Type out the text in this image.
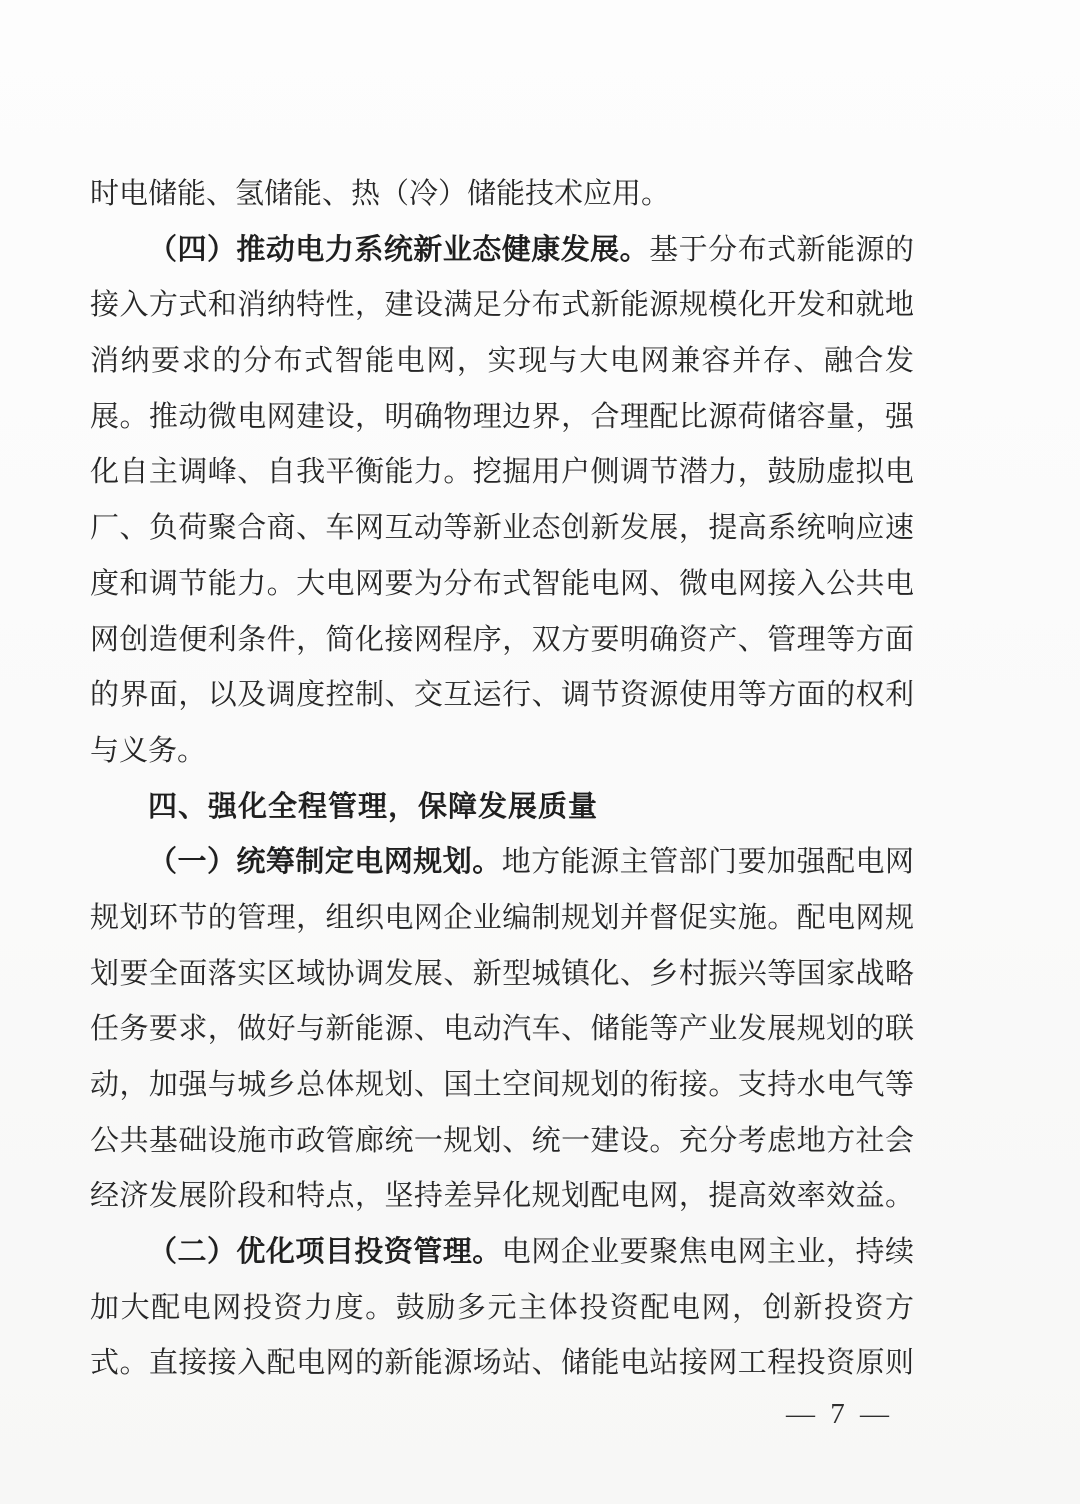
时电储能、氢储能、热（冷）储能技术应用。
（四）推动电力系统新业态健康发展。基于分布式新能源的
接入方式和消纳特性，建设满足分布式新能源规模化开发和就地
消纳要求的分布式智能电网，实现与大电网兼容并存、融合发
展。推动微电网建设，明确物理边界，合理配比源荷储容量，强
化自主调峰、自我平衡能力。挖掘用户侧调节潜力，鼓励虚拟电
厂、负荷聚合商、车网互动等新业态创新发展，提高系统响应速
度和调节能力。大电网要为分布式智能电网、微电网接入公共电
网创造便利条件，简化接网程序，双方要明确资产、管理等方面
的界面，以及调度控制、交互运行、调节资源使用等方面的权利
与义务。
四、强化全程管理，保障发展质量
（一）统筹制定电网规划。地方能源主管部门要加强配电网
规划环节的管理，组织电网企业编制规划并督促实施。配电网规
划要全面落实区域协调发展、新型城镇化、乡村振兴等国家战略
任务要求，做好与新能源、电动汽车、储能等产业发展规划的联
动，加强与城乡总体规划、国土空间规划的衔接。支持水电气等
公共基础设施市政管廊统一规划、统一建设。充分考虑地方社会
经济发展阶段和特点，坚持差异化规划配电网，提高效率效益。
（二）优化项目投资管理。电网企业要聚焦电网主业，持续
加大配电网投资力度。鼓励多元主体投资配电网，创新投资方
式。直接接入配电网的新能源场站、储能电站接网工程投资原则
— 7 —
